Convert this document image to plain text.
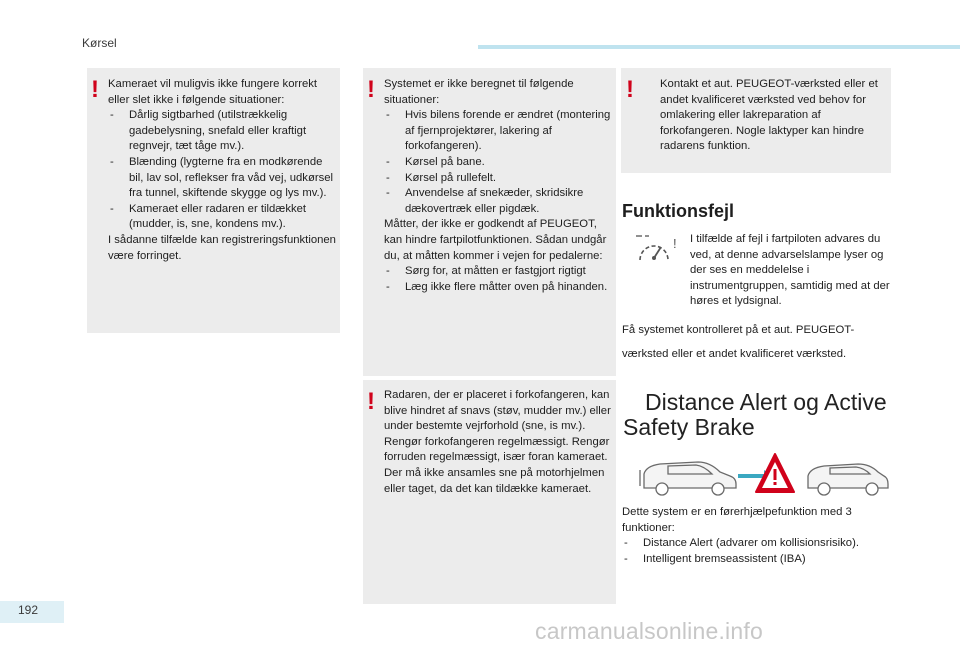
Kørsel
! Kameraet vil muligvis ikke fungere korrekt eller slet ikke i følgende situationer:

- Dårlig sigtbarhed (utilstrækkelig gadebelysning, snefald eller kraftigt regnvejr, tæt tåge mv.).

- Blænding (lygterne fra en modkørende bil, lav sol, reflekser fra våd vej, udkørsel fra tunnel, skiftende skygge og lys mv.).

- Kameraet eller radaren er tildækket (mudder, is, sne, kondens mv.).

I sådanne tilfælde kan registreringsfunktionen være forringet.

! Systemet er ikke beregnet til følgende situationer:

- Hvis bilens forende er ændret (montering af fjernprojektører, lakering af forkofangeren).

- Kørsel på bane.

- Kørsel på rullefelt.

- Anvendelse af snekæder, skridsikre dækovertræk eller pigdæk.

Måtter, der ikke er godkendt af PEUGEOT, kan hindre fartpilotfunktionen. Sådan undgår du, at måtten kommer i vejen for pedalerne:

- Sørg for, at måtten er fastgjort rigtigt

- Læg ikke flere måtter oven på hinanden.

! Radaren, der er placeret i forkofangeren, kan blive hindret af snavs (støv, mudder mv.) eller under bestemte vejrforhold (sne, is mv.). Rengør forkofangeren regelmæssigt. Rengør forruden regelmæssigt, især foran kameraet. Der må ikke ansamles sne på motorhjelmen eller taget, da det kan tildække kameraet.

! Kontakt et aut. PEUGEOT-værksted eller et andet kvalificeret værksted ved behov for omlakering eller lakreparation af forkofangeren. Nogle laktyper kan hindre radarens funktion.

Funktionsfejl
! I tilfælde af fejl i fartpiloten advares du ved, at denne advarselslampe lyser og der ses en meddelelse i instrumentgruppen, samtidig med at der høres et lydsignal.
Få systemet kontrolleret på et aut. PEUGEOT-værksted eller et andet kvalificeret værksted.
Distance Alert og Active
Safety Brake

Dette system er en førerhjælpefunktion med 3 funktioner:

- Distance Alert (advarer om kollisionsrisiko).

- Intelligent bremseassistent (IBA)

192
carmanualsonline.info
